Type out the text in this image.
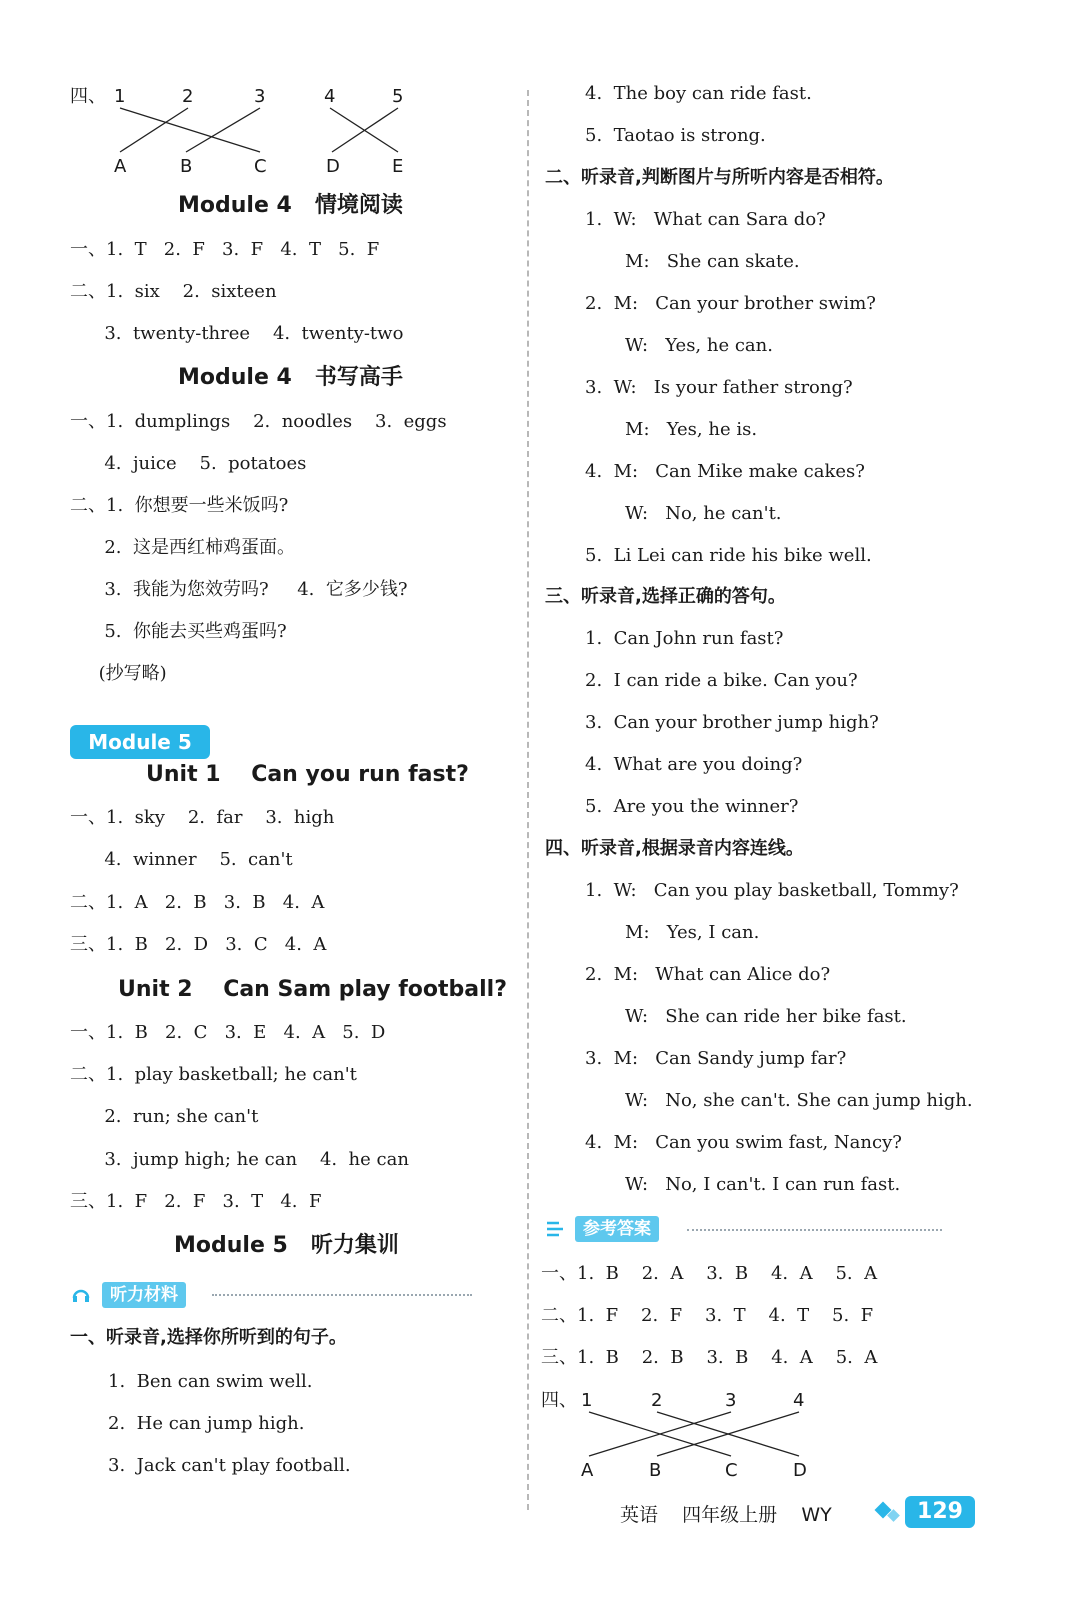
四、 1	2	3	4	5
A	B	C	D	E
Module 4   情境阅读
一、1.  T   2.  F   3.  F   4.  T   5.  F
二、1.  six    2.  sixteen
3.  twenty-three    4.  twenty-two
Module 4   书写高手
一、1.  dumplings    2.  noodles    3.  eggs
4.  juice    5.  potatoes
二、1.  你想要一些米饭吗?
2.  这是西红柿鸡蛋面。
3.  我能为您效劳吗?     4.  它多少钱?
5.  你能去买些鸡蛋吗?
(抄写略)
Module 5
Unit 1    Can you run fast?
一、1.  sky    2.  far    3.  high
4.  winner    5.  can't
二、1.  A   2.  B   3.  B   4.  A
三、1.  B   2.  D   3.  C   4.  A
Unit 2    Can Sam play football?
一、1.  B   2.  C   3.  E   4.  A   5.  D
二、1.  play basketball; he can't
2.  run; she can't
3.  jump high; he can    4.  he can
三、1.  F   2.  F   3.  T   4.  F
Module 5   听力集训
听力材料
一、听录音,选择你所听到的句子。
1.  Ben can swim well.
2.  He can jump high.
3.  Jack can't play football.
4.  The boy can ride fast.
5.  Taotao is strong.
二、听录音,判断图片与所听内容是否相符。
1.  W:   What can Sara do?
M:   She can skate.
2.  M:   Can your brother swim?
W:   Yes, he can.
3.  W:   Is your father strong?
M:   Yes, he is.
4.  M:   Can Mike make cakes?
W:   No, he can't.
5.  Li Lei can ride his bike well.
三、听录音,选择正确的答句。
1.  Can John run fast?
2.  I can ride a bike. Can you?
3.  Can your brother jump high?
4.  What are you doing?
5.  Are you the winner?
四、听录音,根据录音内容连线。
1.  W:   Can you play basketball, Tommy?
M:   Yes, I can.
2.  M:   What can Alice do?
W:   She can ride her bike fast.
3.  M:   Can Sandy jump far?
W:   No, she can't. She can jump high.
4.  M:   Can you swim fast, Nancy?
W:   No, I can't. I can run fast.
参考答案
一、1.  B    2.  A    3.  B    4.  A    5.  A
二、1.  F    2.  F    3.  T    4.  T    5.  F
三、1.  B    2.  B    3.  B    4.  A    5.  A
四、 1	2	3	4
A	B	C	D
英语    四年级上册    WY	129
